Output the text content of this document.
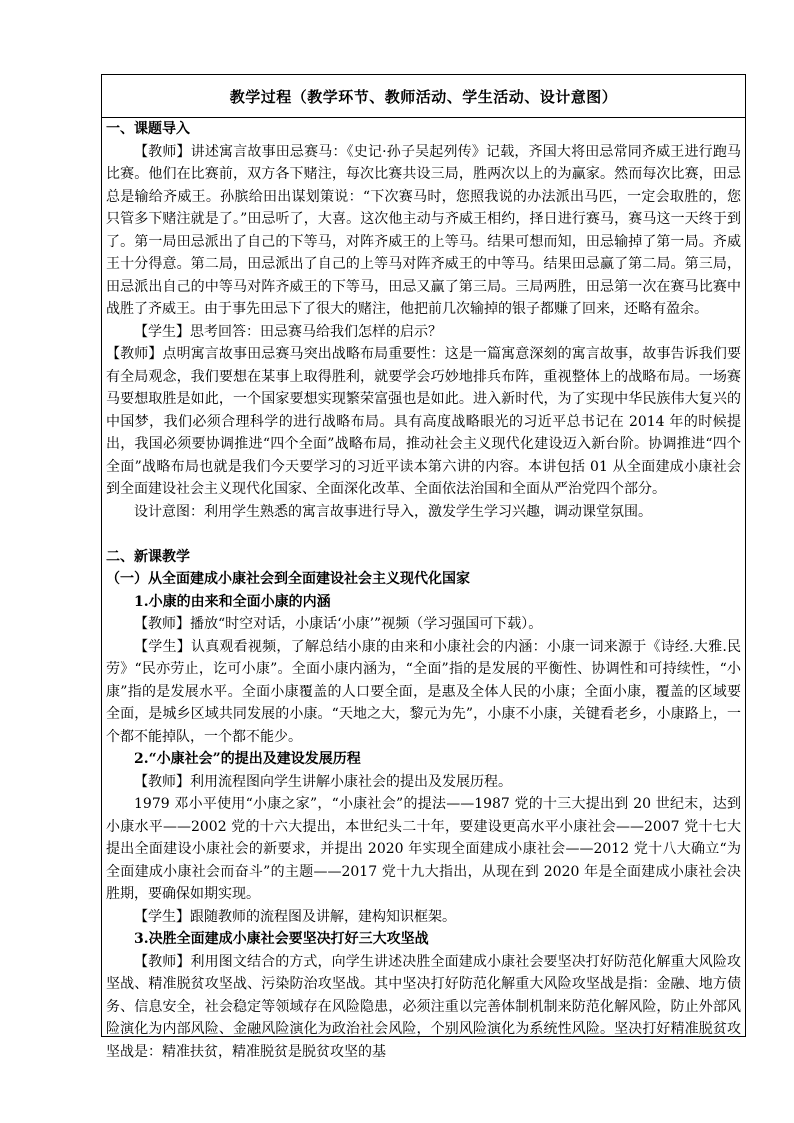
教学过程（教学环节、教师活动、学生活动、设计意图）

一、课题导入

【教师】讲述寓言故事田忌赛马：《史记·孙子吴起列传》记载，齐国大将田忌常同齐威王进行跑马比赛。他们在比赛前，双方各下赌注，每次比赛共设三局，胜两次以上的为赢家。然而每次比赛，田忌总是输给齐威王。孙膑给田出谋划策说：“下次赛马时，您照我说的办法派出马匹，一定会取胜的，您只管多下赌注就是了。”田忌听了，大喜。这次他主动与齐威王相约，择日进行赛马，赛马这一天终于到了。第一局田忌派出了自己的下等马，对阵齐威王的上等马。结果可想而知，田忌输掉了第一局。齐威王十分得意。第二局，田忌派出了自己的上等马对阵齐威王的中等马。结果田忌赢了第二局。第三局，田忌派出自己的中等马对阵齐威王的下等马，田忌又赢了第三局。三局两胜，田忌第一次在赛马比赛中战胜了齐威王。由于事先田忌下了很大的赌注，他把前几次输掉的银子都赚了回来，还略有盈余。

【学生】思考回答：田忌赛马给我们怎样的启示？

【教师】点明寓言故事田忌赛马突出战略布局重要性：这是一篇寓意深刻的寓言故事，故事告诉我们要有全局观念，我们要想在某事上取得胜利，就要学会巧妙地排兵布阵，重视整体上的战略布局。一场赛马要想取胜是如此，一个国家要想实现繁荣富强也是如此。进入新时代，为了实现中华民族伟大复兴的中国梦，我们必须合理科学的进行战略布局。具有高度战略眼光的习近平总书记在 2014 年的时候提出，我国必须要协调推进“四个全面”战略布局，推动社会主义现代化建设迈入新台阶。协调推进“四个全面”战略布局也就是我们今天要学习的习近平读本第六讲的内容。本讲包括 01 从全面建成小康社会到全面建设社会主义现代化国家、全面深化改革、全面依法治国和全面从严治党四个部分。

设计意图：利用学生熟悉的寓言故事进行导入，激发学生学习兴趣，调动课堂氛围。

二、新课教学

（一）从全面建成小康社会到全面建设社会主义现代化国家

1.小康的由来和全面小康的内涵

【教师】播放“时空对话，小康话‘小康’”视频（学习强国可下载）。

【学生】认真观看视频，了解总结小康的由来和小康社会的内涵：小康一词来源于《诗经.大雅.民劳》“民亦劳止，讫可小康”。全面小康内涵为，“全面”指的是发展的平衡性、协调性和可持续性，“小康”指的是发展水平。全面小康覆盖的人口要全面，是惠及全体人民的小康；全面小康，覆盖的区域要全面，是城乡区域共同发展的小康。“天地之大，黎元为先”，小康不小康，关键看老乡，小康路上，一个都不能掉队，一个都不能少。

2.“小康社会”的提出及建设发展历程

【教师】利用流程图向学生讲解小康社会的提出及发展历程。

1979 邓小平使用“小康之家”，“小康社会”的提法——1987 党的十三大提出到 20 世纪末，达到小康水平——2002 党的十六大提出，本世纪头二十年，要建设更高水平小康社会——2007 党十七大提出全面建设小康社会的新要求，并提出 2020 年实现全面建成小康社会——2012 党十八大确立“为全面建成小康社会而奋斗”的主题——2017 党十九大指出，从现在到 2020 年是全面建成小康社会决胜期，要确保如期实现。

【学生】跟随教师的流程图及讲解，建构知识框架。

3.决胜全面建成小康社会要坚决打好三大攻坚战

【教师】利用图文结合的方式，向学生讲述决胜全面建成小康社会要坚决打好防范化解重大风险攻坚战、精准脱贫攻坚战、污染防治攻坚战。其中坚决打好防范化解重大风险攻坚战是指：金融、地方债务、信息安全，社会稳定等领域存在风险隐患，必须注重以完善体制机制来防范化解风险，防止外部风险演化为内部风险、金融风险演化为政治社会风险，个别风险演化为系统性风险。坚决打好精准脱贫攻坚战是：精准扶贫，精准脱贫是脱贫攻坚的基
